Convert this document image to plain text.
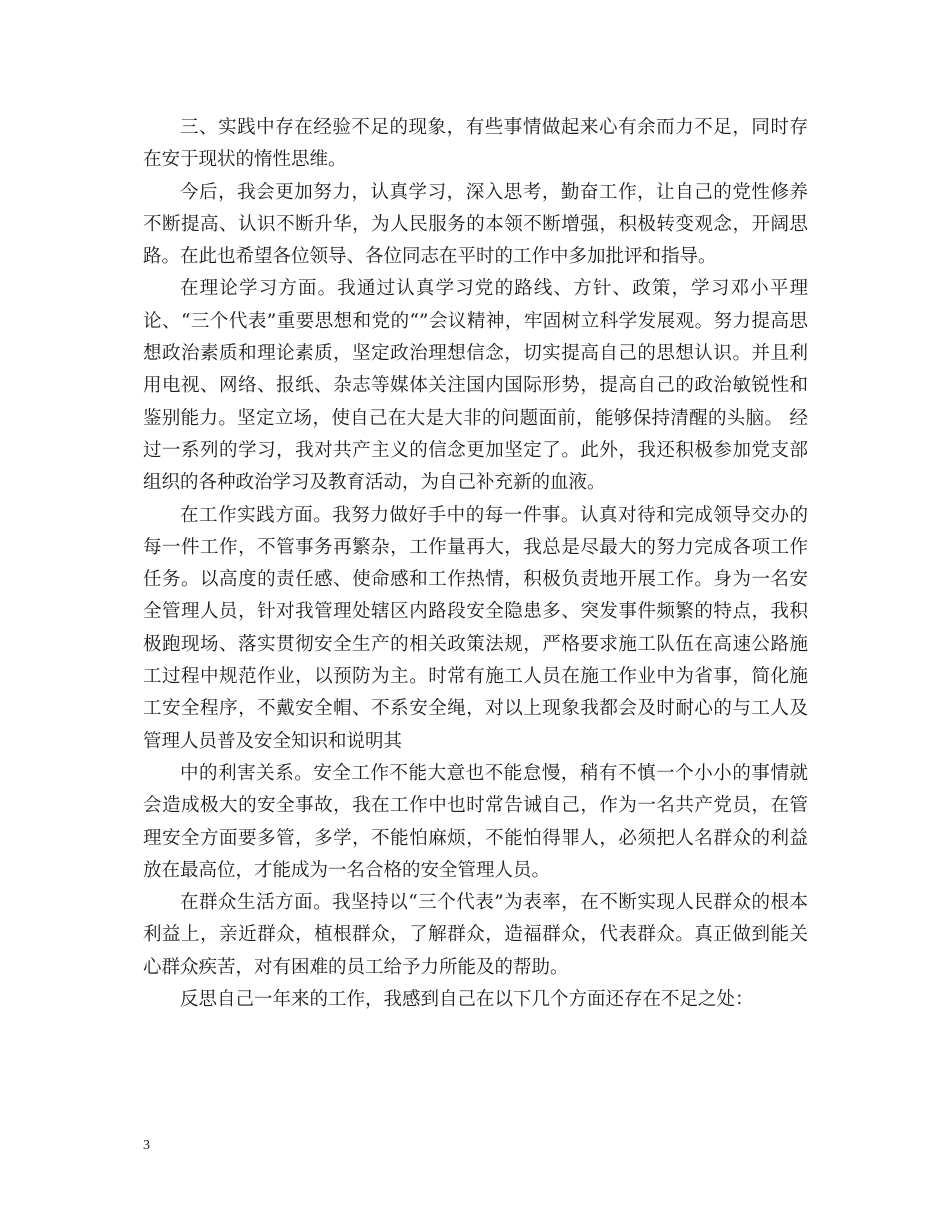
三、实践中存在经验不足的现象，有些事情做起来心有余而力不足，同时存在安于现状的惰性思维。

今后，我会更加努力，认真学习，深入思考，勤奋工作，让自己的党性修养不断提高、认识不断升华，为人民服务的本领不断增强，积极转变观念，开阔思路。在此也希望各位领导、各位同志在平时的工作中多加批评和指导。

在理论学习方面。我通过认真学习党的路线、方针、政策，学习邓小平理论、“三个代表”重要思想和党的“”会议精神，牢固树立科学发展观。努力提高思想政治素质和理论素质，坚定政治理想信念，切实提高自己的思想认识。并且利用电视、网络、报纸、杂志等媒体关注国内国际形势，提高自己的政治敏锐性和鉴别能力。坚定立场，使自己在大是大非的问题面前，能够保持清醒的头脑。 经过一系列的学习，我对共产主义的信念更加坚定了。此外，我还积极参加党支部组织的各种政治学习及教育活动，为自己补充新的血液。

在工作实践方面。我努力做好手中的每一件事。认真对待和完成领导交办的每一件工作，不管事务再繁杂，工作量再大，我总是尽最大的努力完成各项工作任务。以高度的责任感、使命感和工作热情，积极负责地开展工作。身为一名安全管理人员，针对我管理处辖区内路段安全隐患多、突发事件频繁的特点，我积极跑现场、落实贯彻安全生产的相关政策法规，严格要求施工队伍在高速公路施工过程中规范作业，以预防为主。时常有施工人员在施工作业中为省事，简化施工安全程序，不戴安全帽、不系安全绳，对以上现象我都会及时耐心的与工人及管理人员普及安全知识和说明其

中的利害关系。安全工作不能大意也不能怠慢，稍有不慎一个小小的事情就会造成极大的安全事故，我在工作中也时常告诫自己，作为一名共产党员，在管理安全方面要多管，多学，不能怕麻烦，不能怕得罪人，必须把人名群众的利益放在最高位，才能成为一名合格的安全管理人员。

在群众生活方面。我坚持以“三个代表”为表率，在不断实现人民群众的根本利益上，亲近群众，植根群众，了解群众，造福群众，代表群众。真正做到能关心群众疾苦，对有困难的员工给予力所能及的帮助。

反思自己一年来的工作，我感到自己在以下几个方面还存在不足之处：

3
